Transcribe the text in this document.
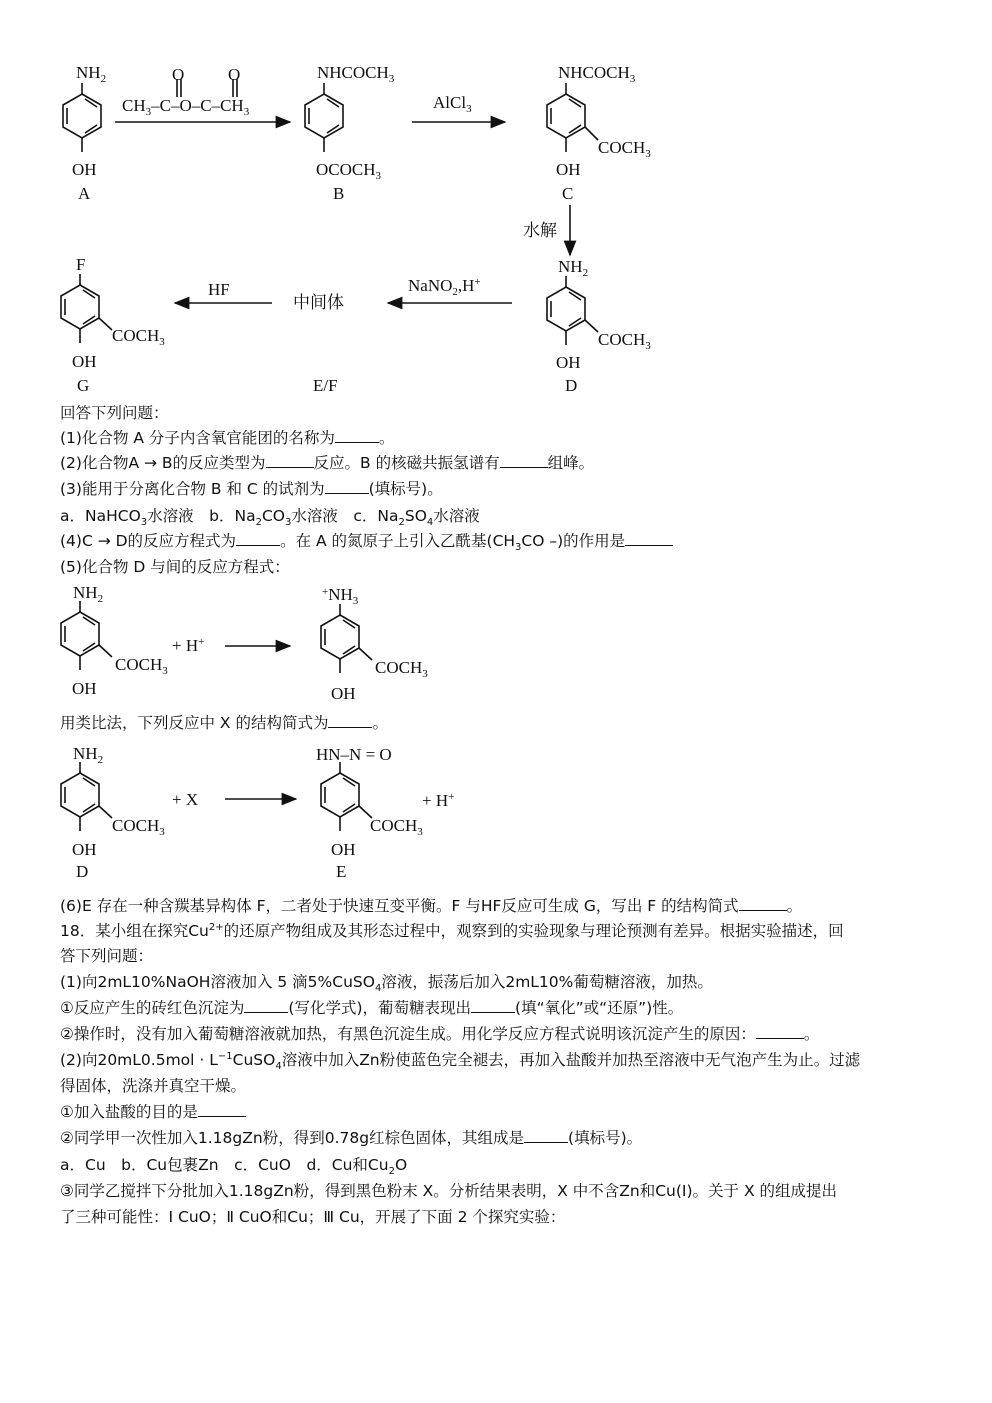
$NH_2$
OH
A
O	O
$CH_3-C-O-C-CH_3$
$NHCOCH_3$
$OCOCH_3$
B
AlCl$_3$
$NHCOCH_3$
$COCH_3$
OH
C
水解
$NH_2$
$COCH_3$
OH
D
NaNO$_2$,H+
中间体
E/F
HF
F
$COCH_3$
OH
G
$NH_2$
$COCH_3$
OH
+ H+
$^+NH_3$
$COCH_3$
OH
$NH_2$
$COCH_3$
OH
D
+ X
HN–N = O
$COCH_3$
OH
E
+ H+
回答下列问题：
(1)化合物 A 分子内含氧官能团的名称为	。
(2)化合物A → B的反应类型为	反应。B 的核磁共振氢谱有	组峰。
(3)能用于分离化合物 B 和 C 的试剂为	(填标号)。
a．NaHCO$_3$水溶液　b．$Na_2CO_3$水溶液　c．$Na_2SO_4$水溶液
(4)C → D的反应方程式为	。在 A 的氮原子上引入乙酰基($CH_3CO$ –)的作用是
(5)化合物 D 与间的反应方程式：
用类比法，下列反应中 X 的结构简式为	。
(6)E 存在一种含羰基异构体 F，二者处于快速互变平衡。F 与HF反应可生成 G，写出 F 的结构简式	。
18．某小组在探究$Cu^{2+}$的还原产物组成及其形态过程中，观察到的实验现象与理论预测有差异。根据实验描述，回
答下列问题：
(1)向2mL10%NaOH溶液加入 5 滴5%CuSO$_4$溶液，振荡后加入2mL10%葡萄糖溶液，加热。
①反应产生的砖红色沉淀为	(写化学式)，葡萄糖表现出	(填“氧化”或“还原”)性。
②操作时，没有加入葡萄糖溶液就加热，有黑色沉淀生成。用化学反应方程式说明该沉淀产生的原因：	。
(2)向$20mL0.5mol \cdot L^{-1}CuSO_4$溶液中加入Zn粉使蓝色完全褪去，再加入盐酸并加热至溶液中无气泡产生为止。过滤
得固体，洗涤并真空干燥。
①加入盐酸的目的是
②同学甲一次性加入1.18gZn粉，得到0.78g红棕色固体，其组成是	(填标号)。
a．Cu　b．Cu包裹Zn　c．CuO　d．Cu和$Cu_2O$
③同学乙搅拌下分批加入1.18gZn粉，得到黑色粉末 X。分析结果表明，X 中不含Zn和Cu(Ⅰ)。关于 X 的组成提出
了三种可能性：Ⅰ CuO；Ⅱ CuO和Cu；Ⅲ Cu，开展了下面 2 个探究实验：
